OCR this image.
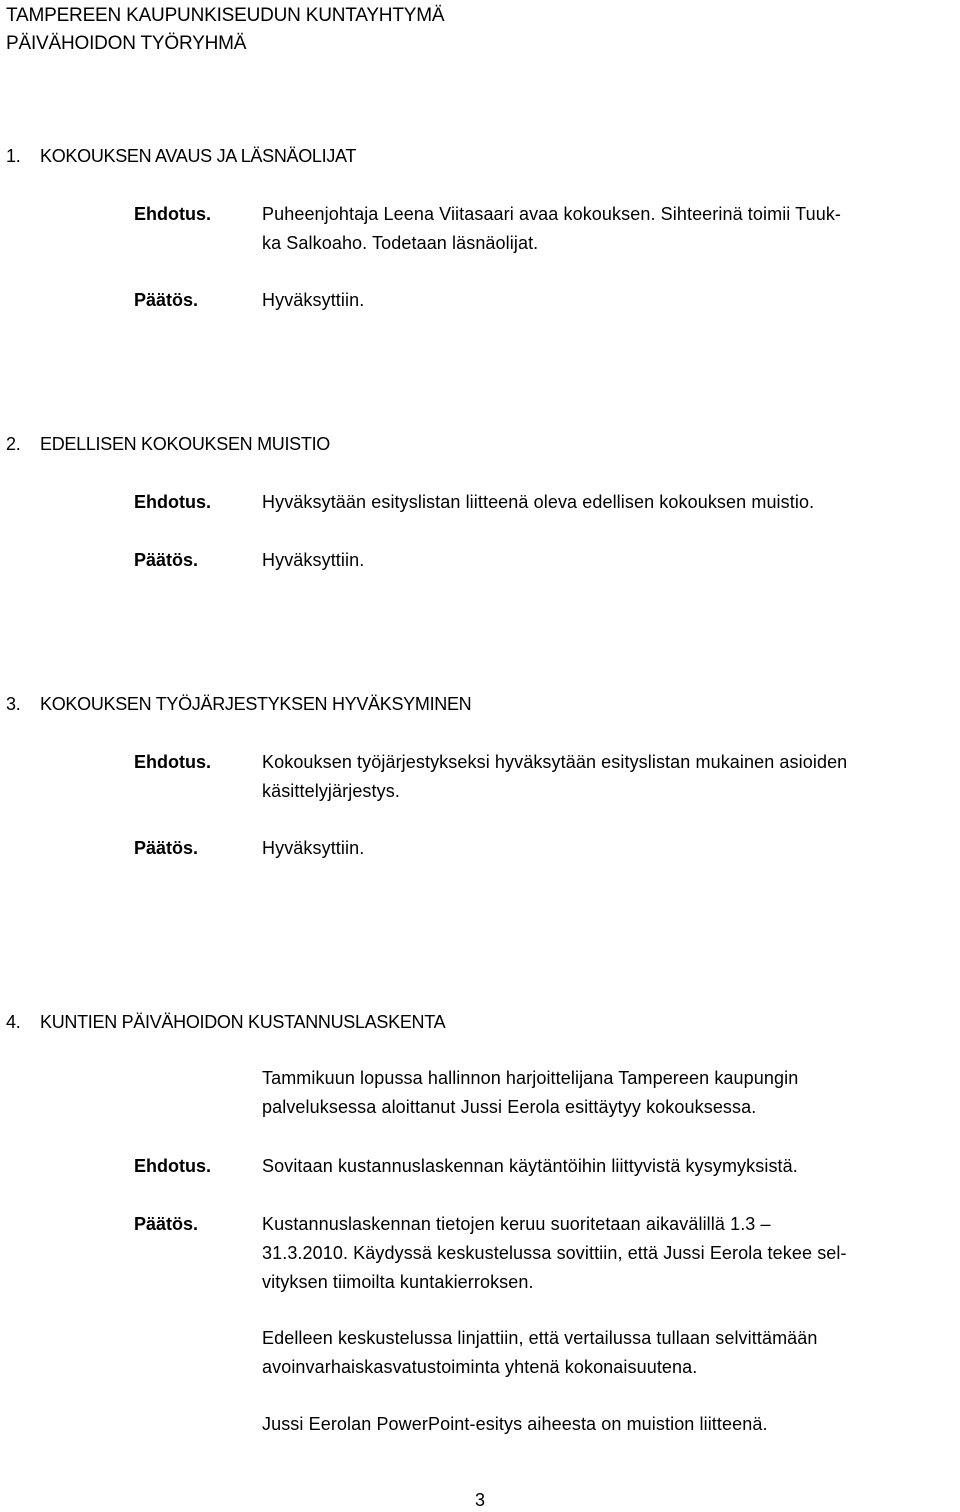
TAMPEREEN KAUPUNKISEUDUN KUNTAYHTYMÄ
PÄIVÄHOIDON TYÖRYHMÄ
1. KOKOUKSEN AVAUS JA LÄSNÄOLIJAT
Ehdotus.	Puheenjohtaja Leena Viitasaari avaa kokouksen. Sihteerinä toimii Tuuk-
ka Salkoaho. Todetaan läsnäolijat.
Päätös.	Hyväksyttiin.
2. EDELLISEN KOKOUKSEN MUISTIO
Ehdotus.	Hyväksytään esityslistan liitteenä oleva edellisen kokouksen muistio.
Päätös.	Hyväksyttiin.
3. KOKOUKSEN TYÖJÄRJESTYKSEN HYVÄKSYMINEN
Ehdotus.	Kokouksen työjärjestykseksi hyväksytään esityslistan mukainen asioiden
käsittelyjärjestys.
Päätös.	Hyväksyttiin.
4. KUNTIEN PÄIVÄHOIDON KUSTANNUSLASKENTA
Tammikuun lopussa hallinnon harjoittelijana Tampereen kaupungin
palveluksessa aloittanut Jussi Eerola esittäytyy kokouksessa.
Ehdotus.	Sovitaan kustannuslaskennan käytäntöihin liittyvistä kysymyksistä.
Päätös.	Kustannuslaskennan tietojen keruu suoritetaan aikavälillä 1.3 –
31.3.2010. Käydyssä keskustelussa sovittiin, että Jussi Eerola tekee sel-
vityksen tiimoilta kuntakierroksen.
Edelleen keskustelussa linjattiin, että vertailussa tullaan selvittämään
avoinvarhaiskasvatustoiminta yhtenä kokonaisuutena.
Jussi Eerolan PowerPoint-esitys aiheesta on muistion liitteenä.
3
